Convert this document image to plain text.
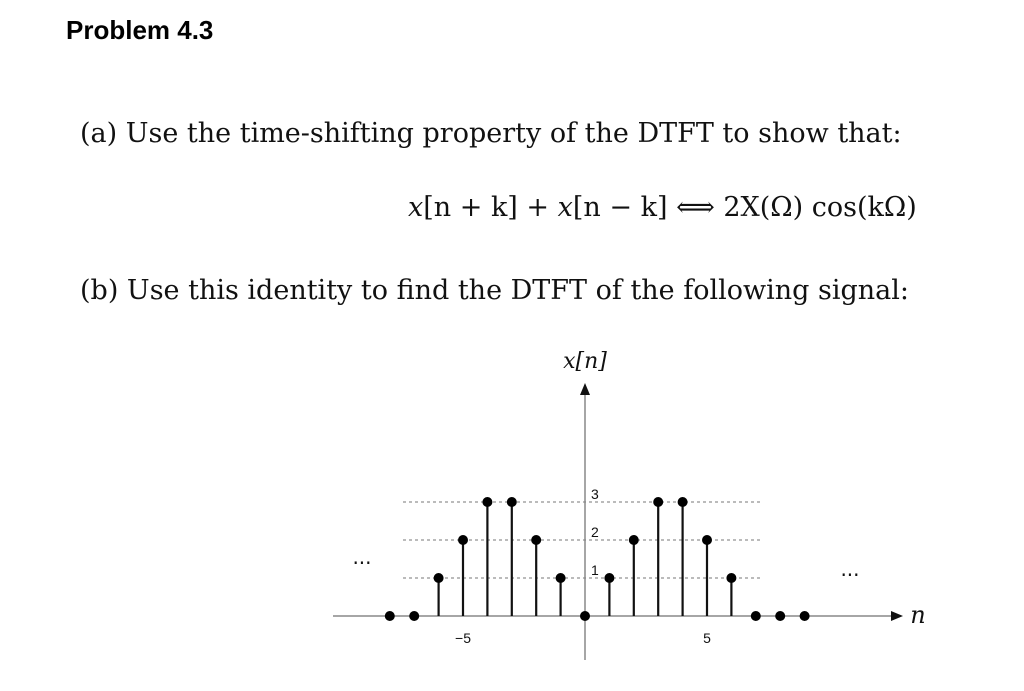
Problem 4.3
(a) Use the time-shifting property of the DTFT to show that:
x[n + k] + x[n − k] ⟺ 2X(Ω) cos(kΩ)
(b) Use this identity to find the DTFT of the following signal:
−5	5
1
2
3
x[n]
n
···	···
